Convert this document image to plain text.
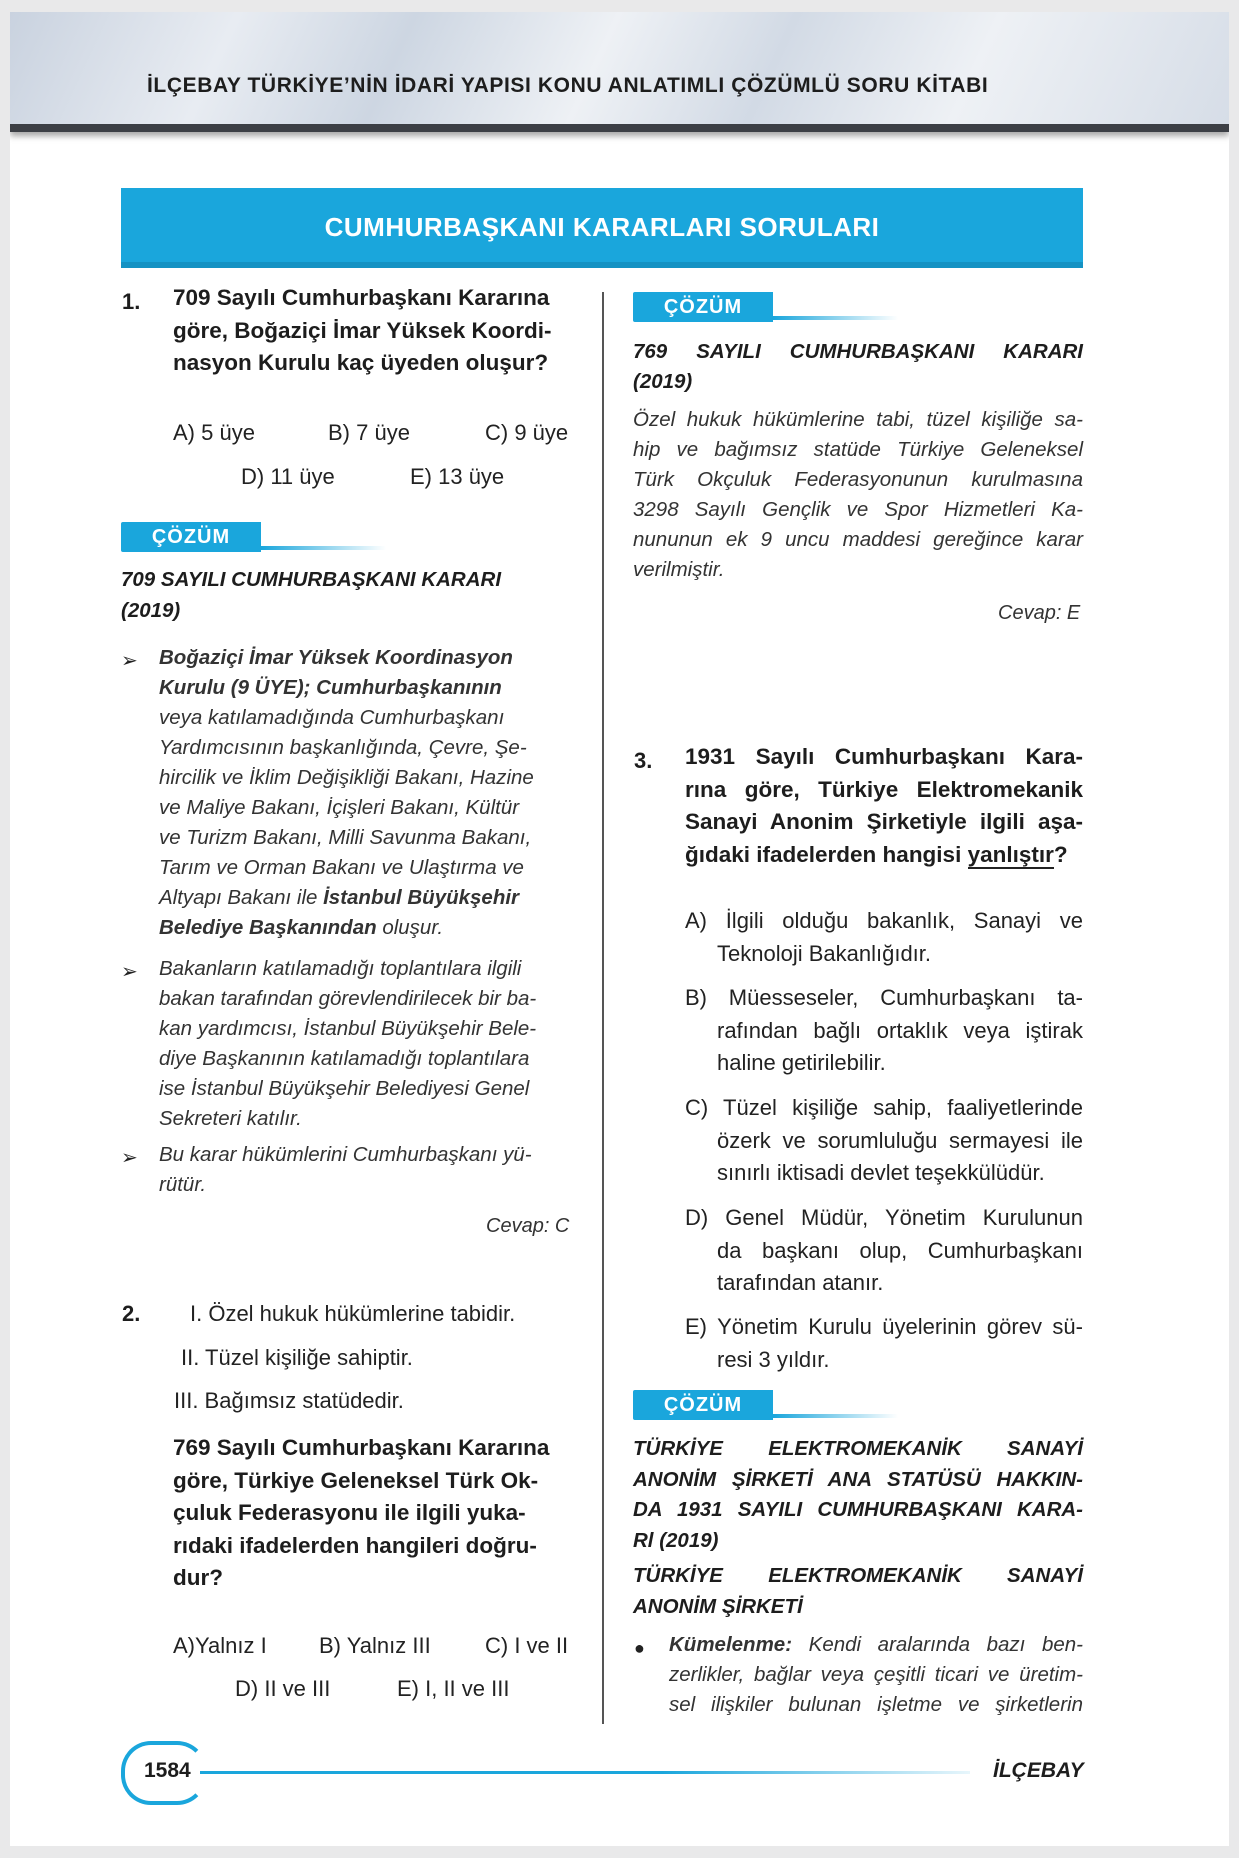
İLÇEBAY TÜRKİYE’NİN İDARİ YAPISI KONU ANLATIMLI ÇÖZÜMLÜ SORU KİTABI
CUMHURBAŞKANI KARARLARI SORULARI
1. 709 Sayılı Cumhurbaşkanı Kararına
göre, Boğaziçi İmar Yüksek Koordi-
nasyon Kurulu kaç üyeden oluşur?
A) 5 üye	B) 7 üye	C) 9 üye
D) 11 üye	E) 13 üye
ÇÖZÜM
709 SAYILI CUMHURBAŞKANI KARARI
(2019)
➢ Boğaziçi İmar Yüksek Koordinasyon
Kurulu (9 ÜYE); Cumhurbaşkanının
veya katılamadığında Cumhurbaşkanı
Yardımcısının başkanlığında, Çevre, Şe-
hircilik ve İklim Değişikliği Bakanı, Hazine
ve Maliye Bakanı, İçişleri Bakanı, Kültür
ve Turizm Bakanı, Milli Savunma Bakanı,
Tarım ve Orman Bakanı ve Ulaştırma ve
Altyapı Bakanı ile İstanbul Büyükşehir
Belediye Başkanından oluşur.
➢ Bakanların katılamadığı toplantılara ilgili
bakan tarafından görevlendirilecek bir ba-
kan yardımcısı, İstanbul Büyükşehir Bele-
diye Başkanının katılamadığı toplantılara
ise İstanbul Büyükşehir Belediyesi Genel
Sekreteri katılır.
➢ Bu karar hükümlerini Cumhurbaşkanı yü-
rütür.
Cevap: C
2. I. Özel hukuk hükümlerine tabidir.
II. Tüzel kişiliğe sahiptir.
III. Bağımsız statüdedir.
769 Sayılı Cumhurbaşkanı Kararına
göre, Türkiye Geleneksel Türk Ok-
çuluk Federasyonu ile ilgili yuka-
rıdaki ifadelerden hangileri doğru-
dur?
A)Yalnız I B) Yalnız III C) I ve II
D) II ve III	E) I, II ve III
ÇÖZÜM
769 SAYILI CUMHURBAŞKANI KARARI
(2019)
Özel hukuk hükümlerine tabi, tüzel kişiliğe sa-
hip ve bağımsız statüde Türkiye Geleneksel
Türk Okçuluk Federasyonunun kurulmasına
3298 Sayılı Gençlik ve Spor Hizmetleri Ka-
nununun ek 9 uncu maddesi gereğince karar
verilmiştir.
Cevap: E
3. 1931 Sayılı Cumhurbaşkanı Kara-
rına göre, Türkiye Elektromekanik
Sanayi Anonim Şirketiyle ilgili aşa-
ğıdaki ifadelerden hangisi yanlıştır?
A) İlgili olduğu bakanlık, Sanayi ve
Teknoloji Bakanlığıdır.
B) Müesseseler, Cumhurbaşkanı ta-
rafından bağlı ortaklık veya iştirak
haline getirilebilir.
C) Tüzel kişiliğe sahip, faaliyetlerinde
özerk ve sorumluluğu sermayesi ile
sınırlı iktisadi devlet teşekkülüdür.
D) Genel Müdür, Yönetim Kurulunun
da başkanı olup, Cumhurbaşkanı
tarafından atanır.
E) Yönetim Kurulu üyelerinin görev sü-
resi 3 yıldır.
ÇÖZÜM
TÜRKİYE ELEKTROMEKANİK SANAYİ
ANONİM ŞİRKETİ ANA STATÜSÜ HAKKIN-
DA 1931 SAYILI CUMHURBAŞKANI KARA-
Rl (2019)
TÜRKİYE ELEKTROMEKANİK SANAYİ
ANONİM ŞİRKETİ
● Kümelenme: Kendi aralarında bazı ben-
zerlikler, bağlar veya çeşitli ticari ve üretim-
sel ilişkiler bulunan işletme ve şirketlerin
1584	İLÇEBAY
